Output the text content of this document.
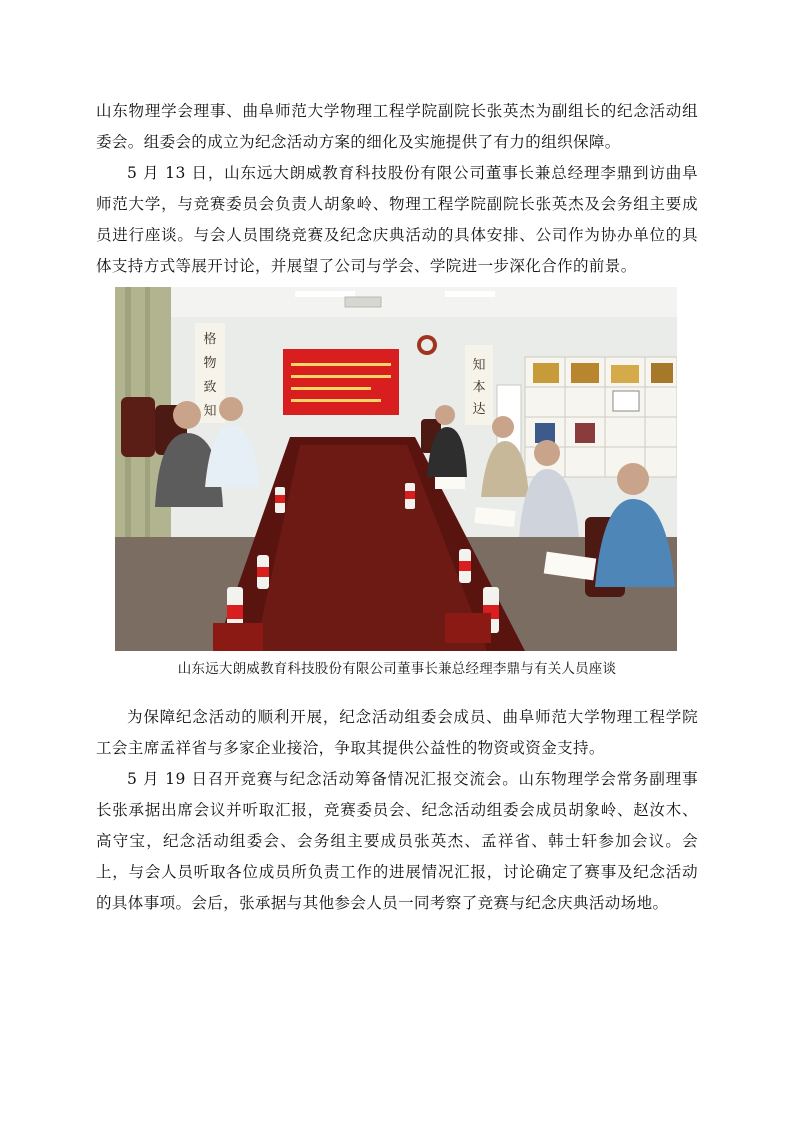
山东物理学会理事、曲阜师范大学物理工程学院副院长张英杰为副组长的纪念活动组委会。组委会的成立为纪念活动方案的细化及实施提供了有力的组织保障。

5 月 13 日，山东远大朗威教育科技股份有限公司董事长兼总经理李鼎到访曲阜师范大学，与竞赛委员会负责人胡象岭、物理工程学院副院长张英杰及会务组主要成员进行座谈。与会人员围绕竞赛及纪念庆典活动的具体安排、公司作为协办单位的具体支持方式等展开讨论，并展望了公司与学会、学院进一步深化合作的前景。

格
物
致
知
知
本
达

山东远大朗威教育科技股份有限公司董事长兼总经理李鼎与有关人员座谈

为保障纪念活动的顺利开展，纪念活动组委会成员、曲阜师范大学物理工程学院工会主席孟祥省与多家企业接洽，争取其提供公益性的物资或资金支持。

5 月 19 日召开竞赛与纪念活动筹备情况汇报交流会。山东物理学会常务副理事长张承据出席会议并听取汇报，竞赛委员会、纪念活动组委会成员胡象岭、赵汝木、高守宝，纪念活动组委会、会务组主要成员张英杰、孟祥省、韩士轩参加会议。会上，与会人员听取各位成员所负责工作的进展情况汇报，讨论确定了赛事及纪念活动的具体事项。会后，张承据与其他参会人员一同考察了竞赛与纪念庆典活动场地。
